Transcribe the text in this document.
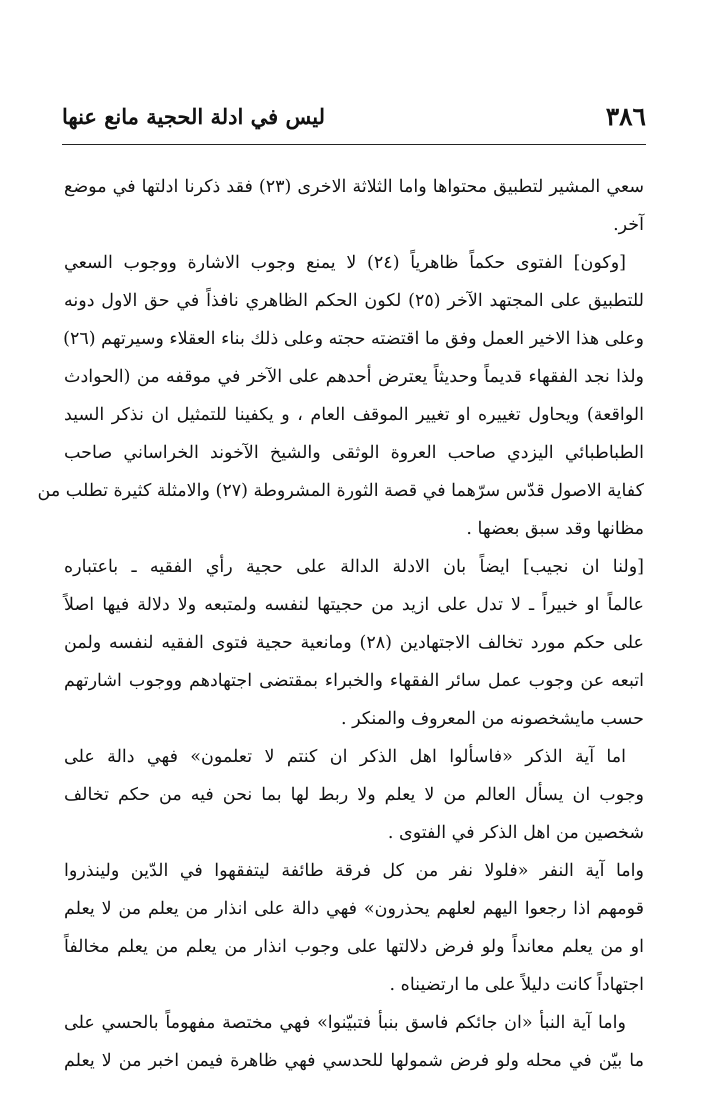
٣٨٦
ليس في ادلة الحجية مانع عنها
سعي المشير لتطبيق محتواها واما الثلاثة الاخرى (٢٣) فقد ذكرنا ادلتها في موضع
آخر.
[وكون] الفتوى حكماً ظاهرياً (٢٤) لا يمنع وجوب الاشارة ووجوب السعي
للتطبيق على المجتهد الآخر (٢٥) لكون الحكم الظاهري نافذاً في حق الاول دونه
وعلى هذا الاخير العمل وفق ما اقتضته حجته وعلى ذلك بناء العقلاء وسيرتهم (٢٦)
ولذا نجد الفقهاء قديماً وحديثاً يعترض أحدهم على الآخر في موقفه من (الحوادث
الواقعة) ويحاول تغييره او تغيير الموقف العام ، و يكفينا للتمثيل ان نذكر السيد
الطباطبائي اليزدي صاحب العروة الوثقى والشيخ الآخوند الخراساني صاحب
كفاية الاصول قدّس سرّهما في قصة الثورة المشروطة (٢٧) والامثلة كثيرة تطلب من
مظانها وقد سبق بعضها .
[ولنا ان نجيب] ايضاً بان الادلة الدالة على حجية رأي الفقيه ـ باعتباره
عالماً او خبيراً ـ لا تدل على ازيد من حجيتها لنفسه ولمتبعه ولا دلالة فيها اصلاً
على حكم مورد تخالف الاجتهادين (٢٨) ومانعية حجية فتوى الفقيه لنفسه ولمن
اتبعه عن وجوب عمل سائر الفقهاء والخبراء بمقتضى اجتهادهم ووجوب اشارتهم
حسب مايشخصونه من المعروف والمنكر .
اما آية الذكر «فاسألوا اهل الذكر ان كنتم لا تعلمون» فهي دالة على
وجوب ان يسأل العالم من لا يعلم ولا ربط لها بما نحن فيه من حكم تخالف
شخصين من اهل الذكر في الفتوى .
واما آية النفر «فلولا نفر من كل فرقة طائفة ليتفقهوا في الدّين ولينذروا
قومهم اذا رجعوا اليهم لعلهم يحذرون» فهي دالة على انذار من يعلم من لا يعلم
او من يعلم معانداً ولو فرض دلالتها على وجوب انذار من يعلم من يعلم مخالفاً
اجتهاداً كانت دليلاً على ما ارتضيناه .
واما آية النبأ «ان جائكم فاسق بنبأ فتبيّنوا» فهي مختصة مفهوماً بالحسي على
ما بيّن في محله ولو فرض شمولها للحدسي فهي ظاهرة فيمن اخبر من لا يعلم
